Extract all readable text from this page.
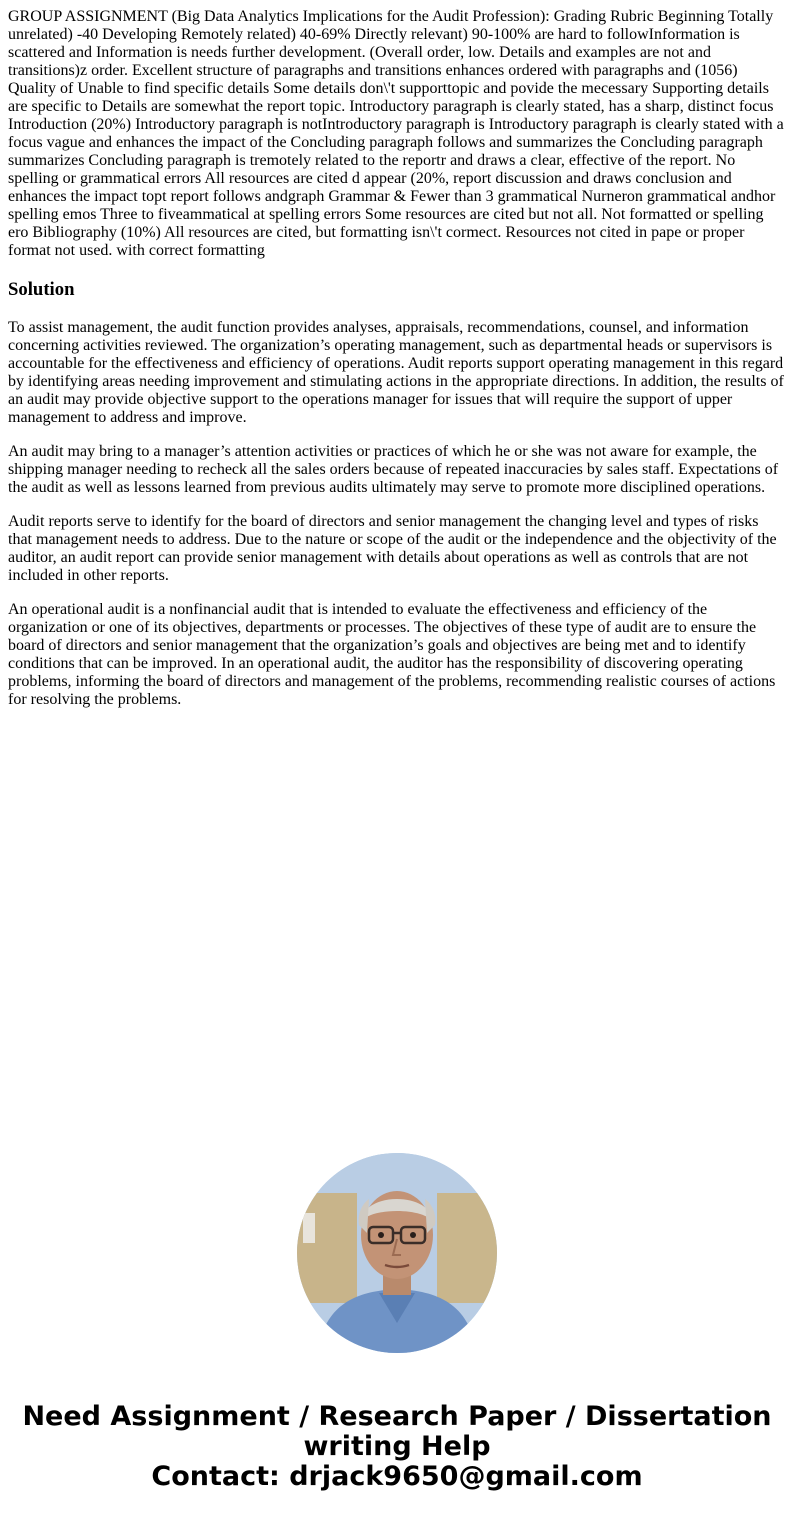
GROUP ASSIGNMENT (Big Data Analytics Implications for the Audit Profession): Grading Rubric Beginning Totally unrelated) -40 Developing Remotely related) 40-69% Directly relevant) 90-100% are hard to followInformation is scattered and Information is needs further development. (Overall order, low. Details and examples are not and transitions)z order. Excellent structure of paragraphs and transitions enhances ordered with paragraphs and (1056) Quality of Unable to find specific details Some details don\'t supporttopic and povide the mecessary Supporting details are specific to Details are somewhat the report topic. Introductory paragraph is clearly stated, has a sharp, distinct focus Introduction (20%) Introductory paragraph is notIntroductory paragraph is Introductory paragraph is clearly stated with a focus vague and enhances the impact of the Concluding paragraph follows and summarizes the Concluding paragraph summarizes Concluding paragraph is tremotely related to the reportr and draws a clear, effective of the report. No spelling or grammatical errors All resources are cited d appear (20%, report discussion and draws conclusion and enhances the impact topt report follows andgraph Grammar & Fewer than 3 grammatical Nurneron grammatical andhor spelling emos Three to fiveammatical at spelling errors Some resources are cited but not all. Not formatted or spelling ero Bibliography (10%) All resources are cited, but formatting isn\'t cormect. Resources not cited in pape or proper format not used. with correct formatting

Solution

To assist management, the audit function provides analyses, appraisals, recommendations, counsel, and information concerning activities reviewed. The organization’s operating management, such as departmental heads or supervisors is accountable for the effectiveness and efficiency of operations. Audit reports support operating management in this regard by identifying areas needing improvement and stimulating actions in the appropriate directions. In addition, the results of an audit may provide objective support to the operations manager for issues that will require the support of upper management to address and improve.

An audit may bring to a manager’s attention activities or practices of which he or she was not aware for example, the shipping manager needing to recheck all the sales orders because of repeated inaccuracies by sales staff. Expectations of the audit as well as lessons learned from previous audits ultimately may serve to promote more disciplined operations.

Audit reports serve to identify for the board of directors and senior management the changing level and types of risks that management needs to address. Due to the nature or scope of the audit or the independence and the objectivity of the auditor, an audit report can provide senior management with details about operations as well as controls that are not included in other reports.

An operational audit is a nonfinancial audit that is intended to evaluate the effectiveness and efficiency of the organization or one of its objectives, departments or processes. The objectives of these type of audit are to ensure the board of directors and senior management that the organization’s goals and objectives are being met and to identify conditions that can be improved. In an operational audit, the auditor has the responsibility of discovering operating problems, informing the board of directors and management of the problems, recommending realistic courses of actions for resolving the problems.

Need Assignment / Research Paper / Dissertation
writing Help
Contact: drjack9650@gmail.com
